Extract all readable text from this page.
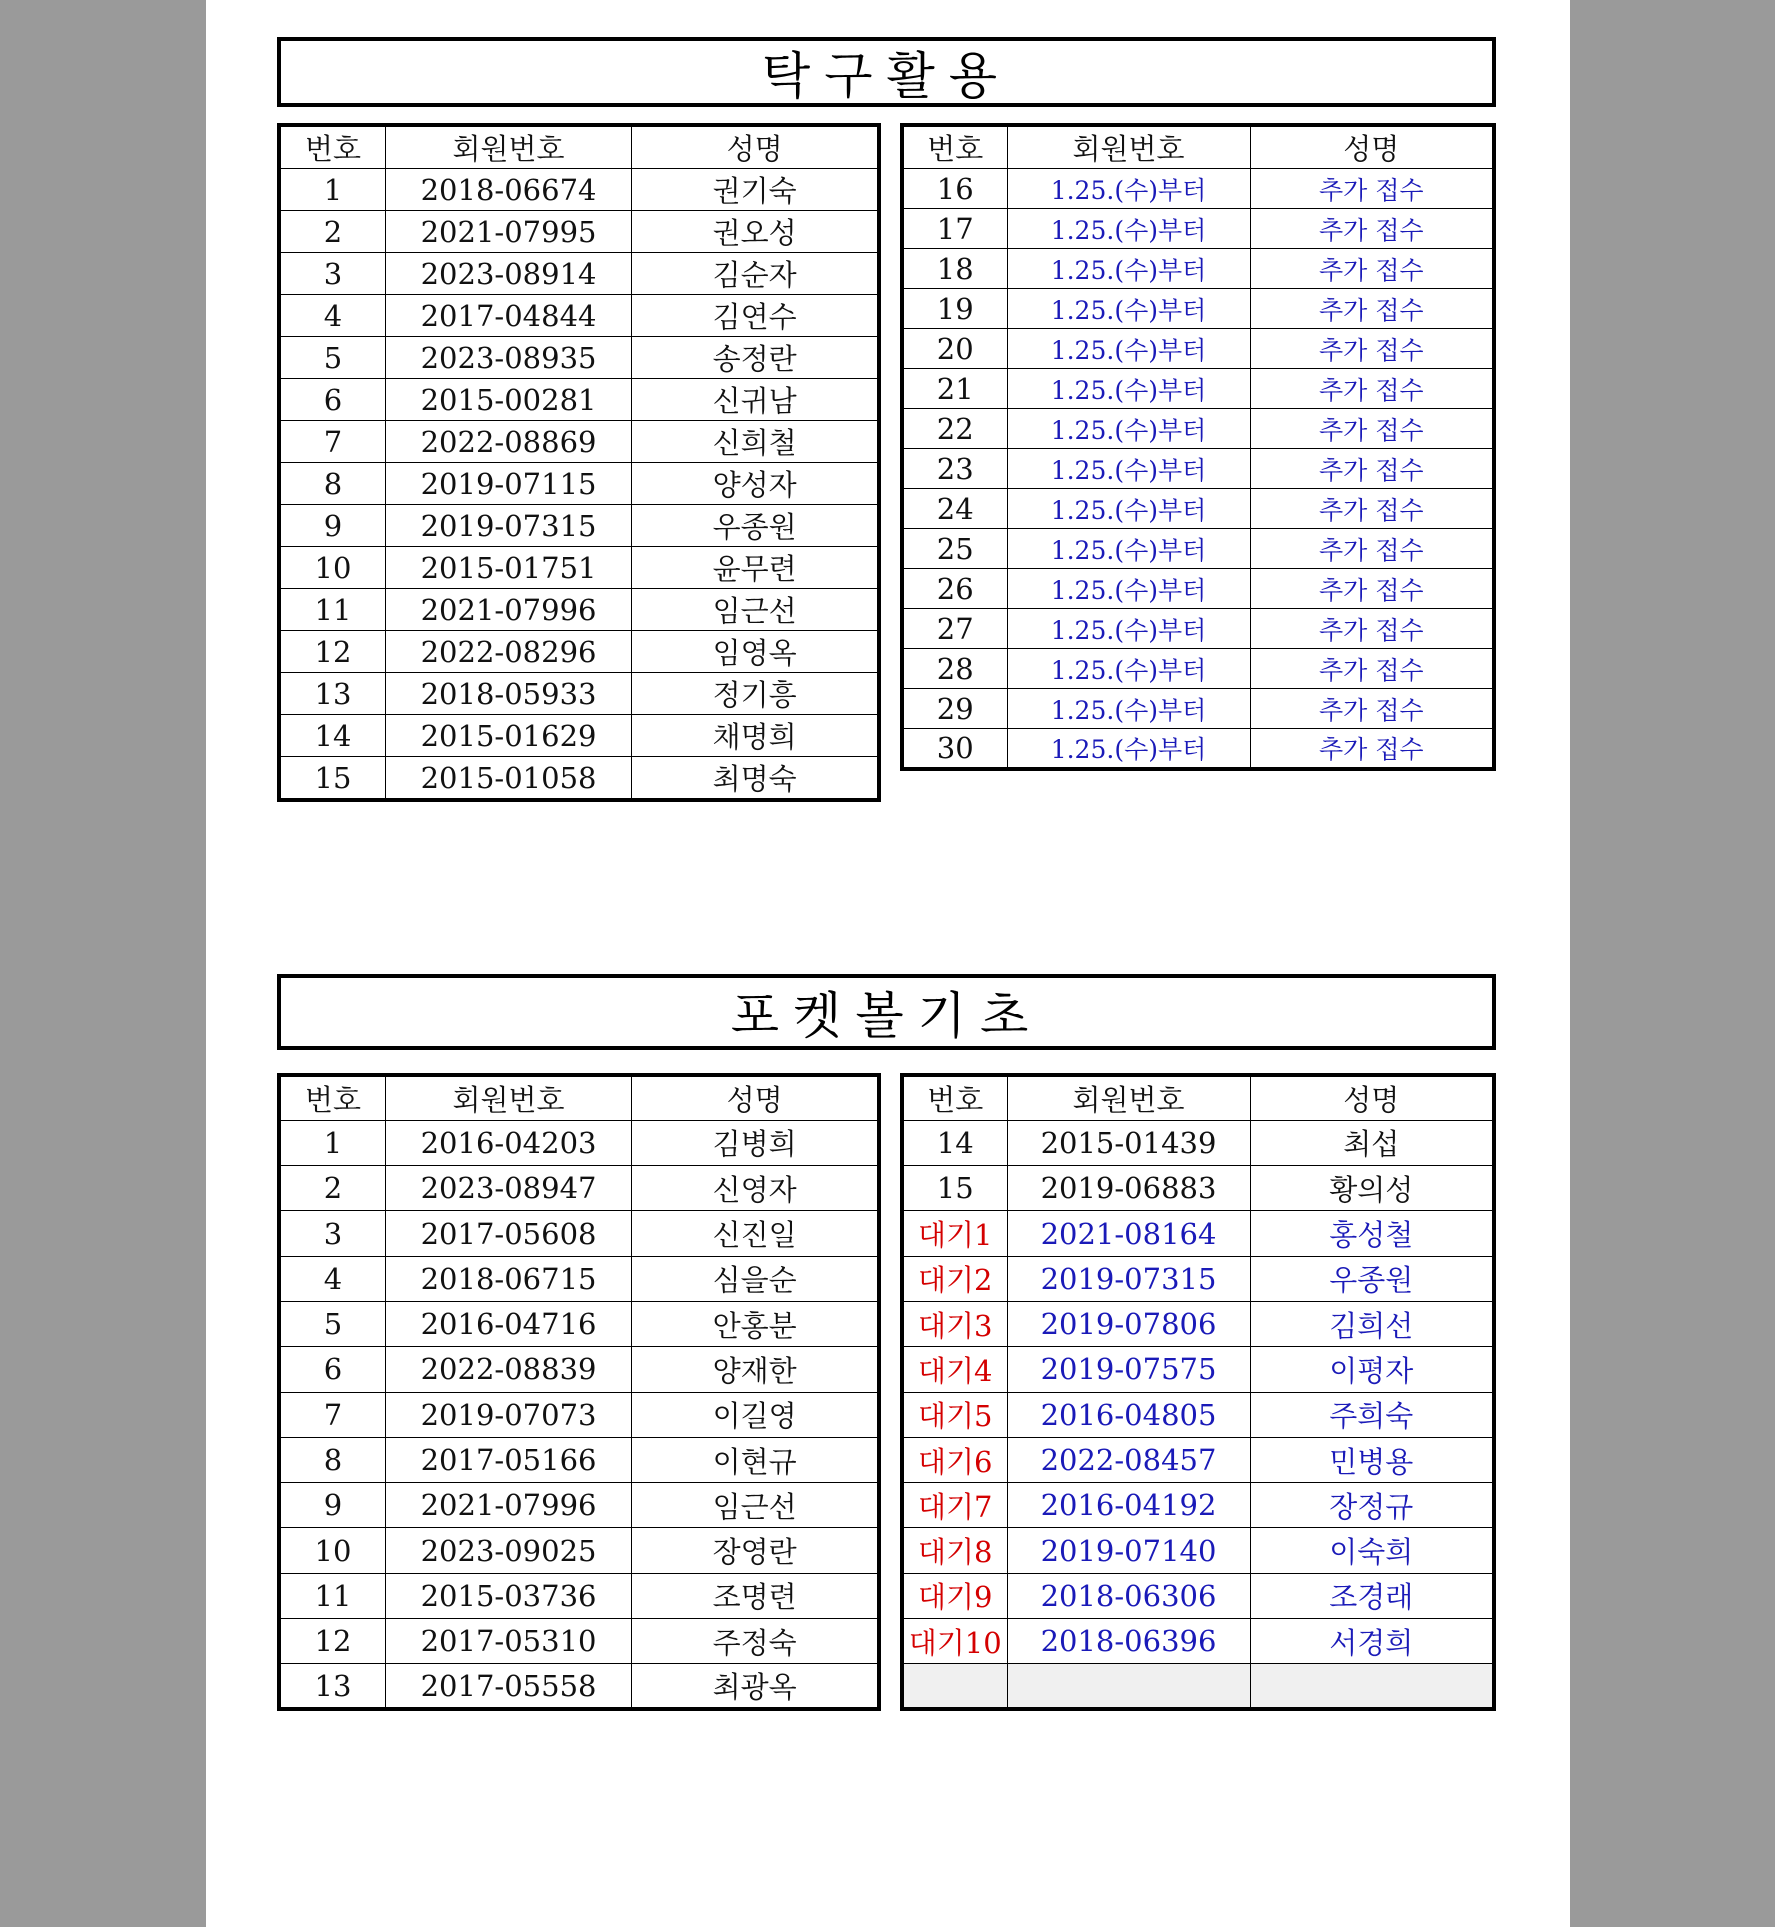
탁구활용
번호	회원번호	성명
1	2018-06674	권기숙
2	2021-07995	권오성
3	2023-08914	김순자
4	2017-04844	김연수
5	2023-08935	송정란
6	2015-00281	신귀남
7	2022-08869	신희철
8	2019-07115	양성자
9	2019-07315	우종원
10	2015-01751	윤무련
11	2021-07996	임근선
12	2022-08296	임영옥
13	2018-05933	정기흥
14	2015-01629	채명희
15	2015-01058	최명숙
번호	회원번호	성명
16	1.25.(수)부터	추가 접수
17	1.25.(수)부터	추가 접수
18	1.25.(수)부터	추가 접수
19	1.25.(수)부터	추가 접수
20	1.25.(수)부터	추가 접수
21	1.25.(수)부터	추가 접수
22	1.25.(수)부터	추가 접수
23	1.25.(수)부터	추가 접수
24	1.25.(수)부터	추가 접수
25	1.25.(수)부터	추가 접수
26	1.25.(수)부터	추가 접수
27	1.25.(수)부터	추가 접수
28	1.25.(수)부터	추가 접수
29	1.25.(수)부터	추가 접수
30	1.25.(수)부터	추가 접수
포켓볼기초
번호	회원번호	성명
1	2016-04203	김병희
2	2023-08947	신영자
3	2017-05608	신진일
4	2018-06715	심을순
5	2016-04716	안홍분
6	2022-08839	양재한
7	2019-07073	이길영
8	2017-05166	이현규
9	2021-07996	임근선
10	2023-09025	장영란
11	2015-03736	조명련
12	2017-05310	주정숙
13	2017-05558	최광옥
번호	회원번호	성명
14	2015-01439	최섭
15	2019-06883	황의성
대기1	2021-08164	홍성철
대기2	2019-07315	우종원
대기3	2019-07806	김희선
대기4	2019-07575	이평자
대기5	2016-04805	주희숙
대기6	2022-08457	민병용
대기7	2016-04192	장정규
대기8	2019-07140	이숙희
대기9	2018-06306	조경래
대기10	2018-06396	서경희
